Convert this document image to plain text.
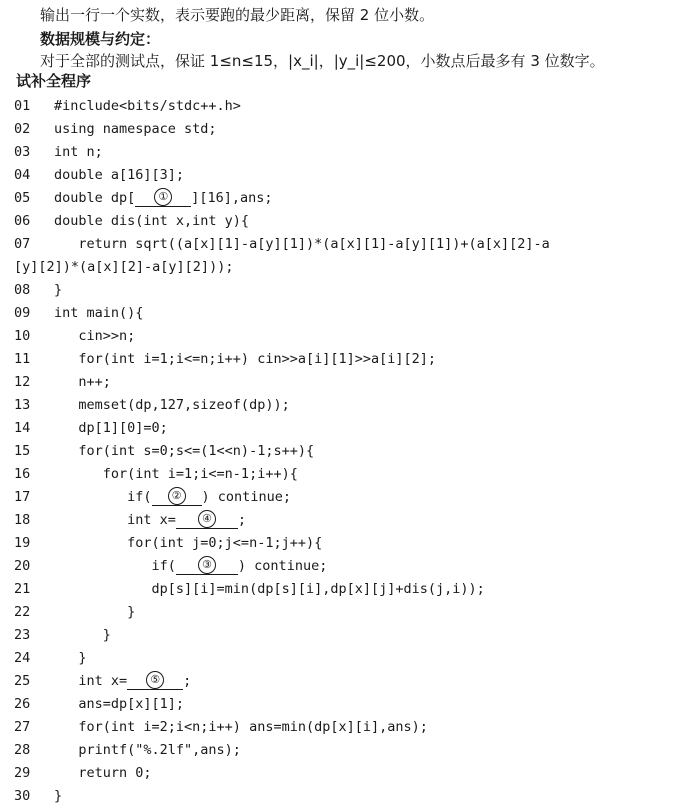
输出一行一个实数，表示要跑的最少距离，保留 2 位小数。
数据规模与约定：
对于全部的测试点，保证 1≤n≤15，|x_i|，|y_i|≤200，小数点后最多有 3 位数字。
试补全程序
01 #include<bits/stdc++.h>
02 using namespace std;
03 int n;
04 double a[16][3];
05 double dp[ ① ][16],ans;
06 double dis(int x,int y){
07   return sqrt((a[x][1]-a[y][1])*(a[x][1]-a[y][1])+(a[x][2]-a
[y][2])*(a[x][2]-a[y][2]));
08 }
09 int main(){
10   cin>>n;
11   for(int i=1;i<=n;i++) cin>>a[i][1]>>a[i][2];
12   n++;
13   memset(dp,127,sizeof(dp));
14   dp[1][0]=0;
15   for(int s=0;s<=(1<<n)-1;s++){
16      for(int i=1;i<=n-1;i++){
17         if( ② ) continue;
18         int x= ④ ;
19         for(int j=0;j<=n-1;j++){
20            if( ③ ) continue;
21            dp[s][i]=min(dp[s][i],dp[x][j]+dis(j,i));
22         }
23      }
24   }
25   int x= ⑤ ;
26   ans=dp[x][1];
27   for(int i=2;i<n;i++) ans=min(dp[x][i],ans);
28   printf("%.2lf",ans);
29   return 0;
30 }
